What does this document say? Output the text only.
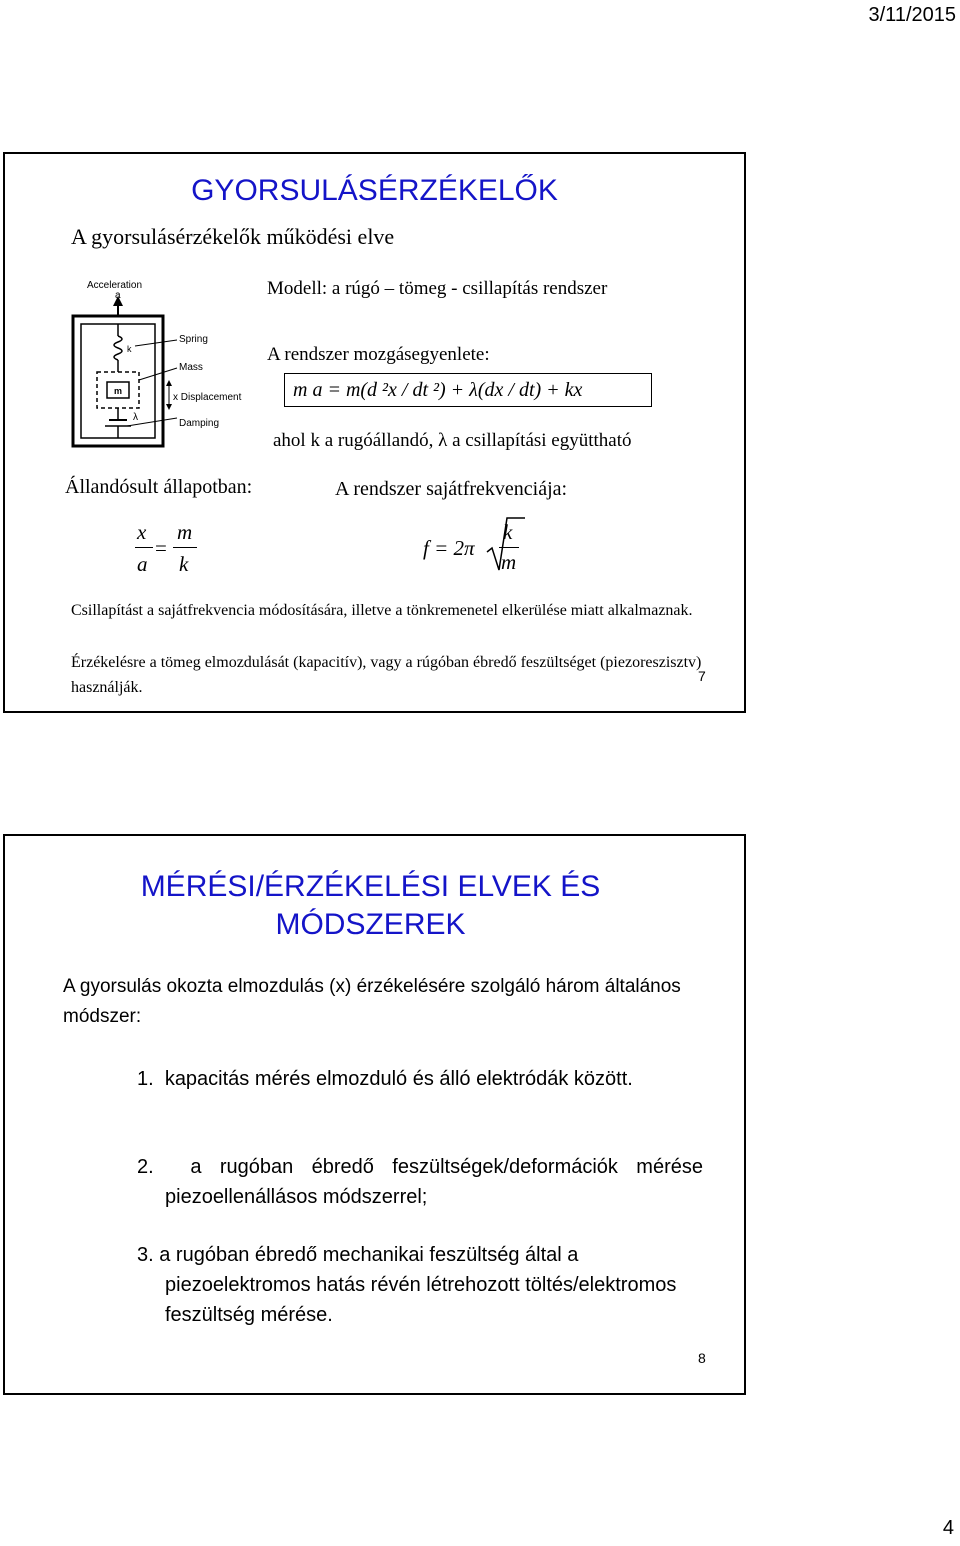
3/11/2015
GYORSULÁSÉRZÉKELŐK
A gyorsulásérzékelők működési elve
Acceleration
a
Spring
k
Mass
m
x Displacement
Damping
λ
Modell: a rúgó – tömeg - csillapítás rendszer
A rendszer mozgásegyenlete:
m a = m(d ²x / dt ²) + λ(dx / dt) + kx
ahol k a rugóállandó, λ a csillapítási együttható
Állandósult állapotban:	A rendszer sajátfrekvenciája:
x
a
=
m
k
f = 2π
k
m
Csillapítást a sajátfrekvencia módosítására, illetve a tönkremenetel elkerülése miatt alkalmaznak.
Érzékelésre a tömeg elmozdulását (kapacitív), vagy a rúgóban ébredő feszültséget (piezoreszisztv) használják.
7
MÉRÉSI/ÉRZÉKELÉSI ELVEK ÉS
MÓDSZEREK
A gyorsulás okozta elmozdulás (x) érzékelésére szolgáló három általános módszer:
1. kapacitás mérés elmozduló és álló elektródák között.
2. a rugóban ébredő feszültségek/deformációk mérése piezoellenállásos módszerrel;
3. a rugóban ébredő mechanikai feszültség által a piezoelektromos hatás révén létrehozott töltés/elektromos feszültség mérése.
8
4
